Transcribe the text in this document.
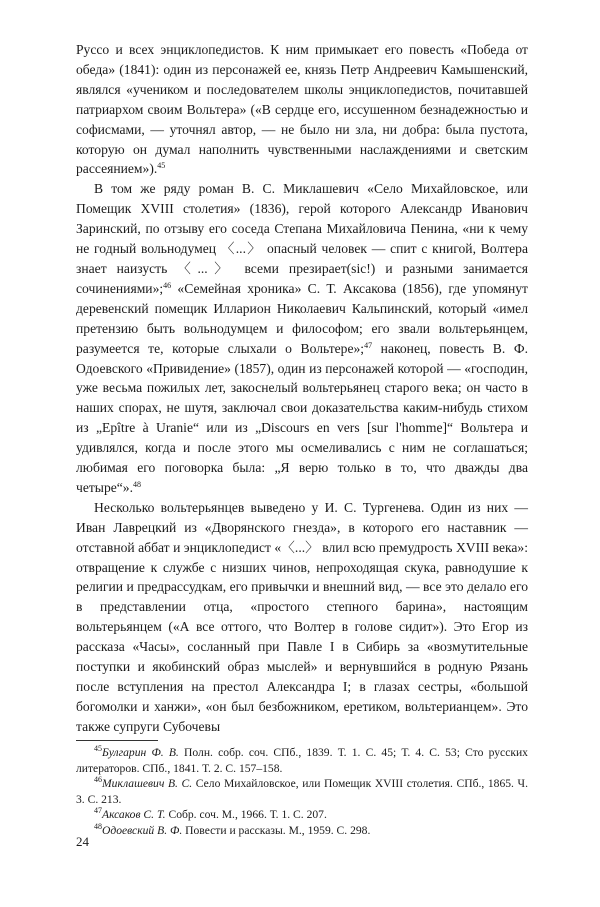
Руссо и всех энциклопедистов. К ним примыкает его повесть «Победа от обеда» (1841): один из персонажей ее, князь Петр Андреевич Камышенский, являлся «учеником и последователем школы энциклопедистов, почитавшей патриархом своим Вольтера» («В сердце его, иссушенном безнадежностью и софисмами, — уточнял автор, — не было ни зла, ни добра: была пустота, которую он думал наполнить чувственными наслаждениями и светским рассеянием»).$^{45}$

В том же ряду роман В. С. Миклашевич «Село Михайловское, или Помещик XVIII столетия» (1836), герой которого Александр Иванович Заринский, по отзыву его соседа Степана Михайловича Пенина, «ни к чему не годный вольнодумец 〈...〉 опасный человек — спит с книгой, Волтера знает наизусть 〈...〉 всеми презирает(sic!) и разными занимается сочинениями»;$^{46}$ «Семейная хроника» С. Т. Аксакова (1856), где упомянут деревенский помещик Илларион Николаевич Кальпинский, который «имел претензию быть вольнодумцем и философом; его звали вольтерьянцем, разумеется те, которые слыхали о Вольтере»;$^{47}$ наконец, повесть В. Ф. Одоевского «Привидение» (1857), один из персонажей которой — «господин, уже весьма пожилых лет, закоснелый вольтерьянец старого века; он часто в наших спорах, не шутя, заключал свои доказательства каким-нибудь стихом из „Epître à Uranie“ или из „Discours en vers [sur l'homme]“ Вольтера и удивлялся, когда и после этого мы осмеливались с ним не соглашаться; любимая его поговорка была: „Я верю только в то, что дважды два четыре“».$^{48}$

Несколько вольтерьянцев выведено у И. С. Тургенева. Один из них — Иван Лаврецкий из «Дворянского гнезда», в которого его наставник — отставной аббат и энциклопедист «〈...〉 влил всю премудрость XVIII века»: отвращение к службе с низших чинов, непроходящая скука, равнодушие к религии и предрассудкам, его привычки и внешний вид, — все это делало его в представлении отца, «простого степного барина», настоящим вольтерьянцем («А все оттого, что Волтер в голове сидит»). Это Егор из рассказа «Часы», сосланный при Павле I в Сибирь за «возмутительные поступки и якобинский образ мыслей» и вернувшийся в родную Рязань после вступления на престол Александра I; в глазах сестры, «большой богомолки и ханжи», «он был безбожником, еретиком, вольтерианцем». Это также супруги Субочевы

$^{45}$Булгарин Ф. В. Полн. собр. соч. СПб., 1839. Т. 1. С. 45; Т. 4. С. 53; Сто русских литераторов. СПб., 1841. Т. 2. С. 157–158.

$^{46}$Миклашевич В. С. Село Михайловское, или Помещик XVIII столетия. СПб., 1865. Ч. 3. С. 213.

$^{47}$Аксаков С. Т. Собр. соч. М., 1966. Т. 1. С. 207.

$^{48}$Одоевский В. Ф. Повести и рассказы. М., 1959. С. 298.

24
